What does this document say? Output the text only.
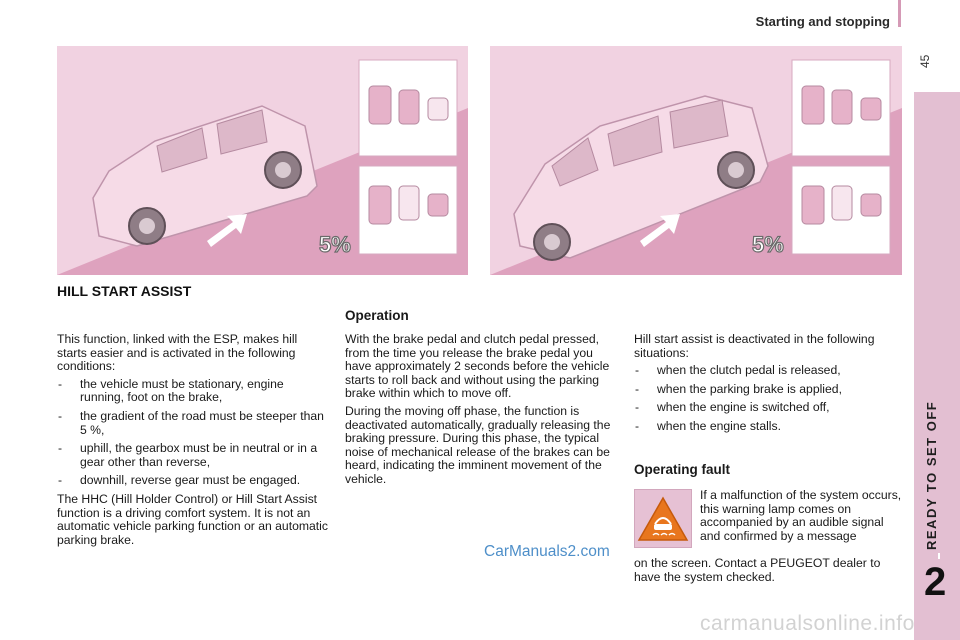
Starting and stopping
45
READY TO SET OFF
2
5%	5%
HILL START ASSIST

This function, linked with the ESP, makes hill starts easier and is activated in the following conditions:

- the vehicle must be stationary, engine running, foot on the brake,
- the gradient of the road must be steeper than 5 %,
- uphill, the gearbox must be in neutral or in a gear other than reverse,
- downhill, reverse gear must be engaged.

The HHC (Hill Holder Control) or Hill Start Assist function is a driving comfort system. It is not an automatic vehicle parking function or an automatic parking brake.

Operation

With the brake pedal and clutch pedal pressed, from the time you release the brake pedal you have approximately 2 seconds before the vehicle starts to roll back and without using the parking brake within which to move off.

During the moving off phase, the function is deactivated automatically, gradually releasing the braking pressure. During this phase, the typical noise of mechanical release of the brakes can be heard, indicating the imminent movement of the vehicle.

Hill start assist is deactivated in the following situations:

- when the clutch pedal is released,
- when the parking brake is applied,
- when the engine is switched off,
- when the engine stalls.
Operating fault
If a malfunction of the system occurs, this warning lamp comes on accompanied by an audible signal and confirmed by a message
on the screen. Contact a PEUGEOT dealer to have the system checked.
CarManuals2.com
carmanualsonline.info
